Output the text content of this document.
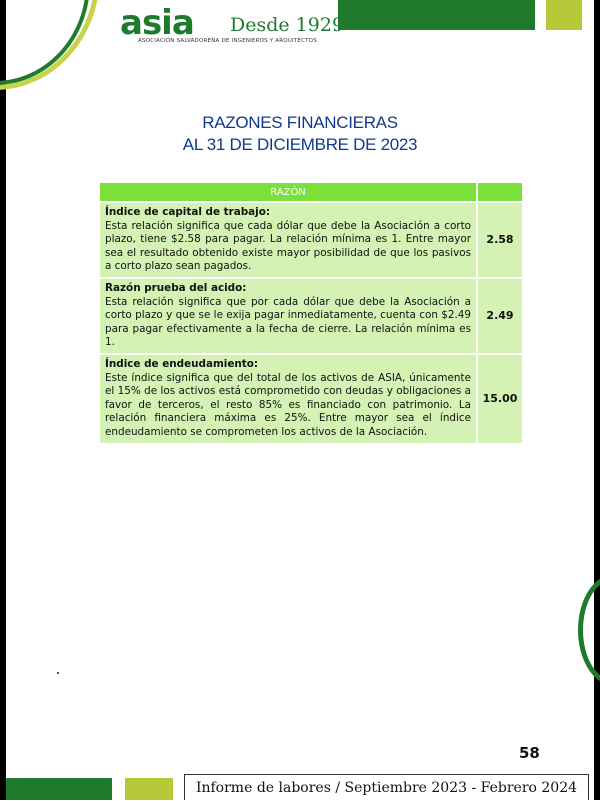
asia Desde 1929
ASOCIACIÓN SALVADOREÑA DE INGENIEROS Y ARQUITECTOS
RAZONES FINANCIERAS
AL 31 DE DICIEMBRE DE 2023
RAZÓN	

Índice de capital de trabajo:
Esta relación significa que cada dólar que debe la Asociación a corto plazo, tiene $2.58 para pagar. La relación mínima es 1. Entre mayor sea el resultado obtenido existe mayor posibilidad de que los pasivos a corto plazo sean pagados.	2.58

Razón prueba del acido:
Esta relación significa que por cada dólar que debe la Asociación a corto plazo y que se le exija pagar inmediatamente, cuenta con $2.49 para pagar efectivamente a la fecha de cierre. La relación mínima es 1.	2.49

Índice de endeudamiento:
Este índice significa que del total de los activos de ASIA, únicamente el 15% de los activos está comprometido con deudas y obligaciones a favor de terceros, el resto 85% es financiado con patrimonio. La relación financiera máxima es 25%. Entre mayor sea el índice endeudamiento se comprometen los activos de la Asociación.	15.00
58
Informe de labores / Septiembre 2023 - Febrero 2024
